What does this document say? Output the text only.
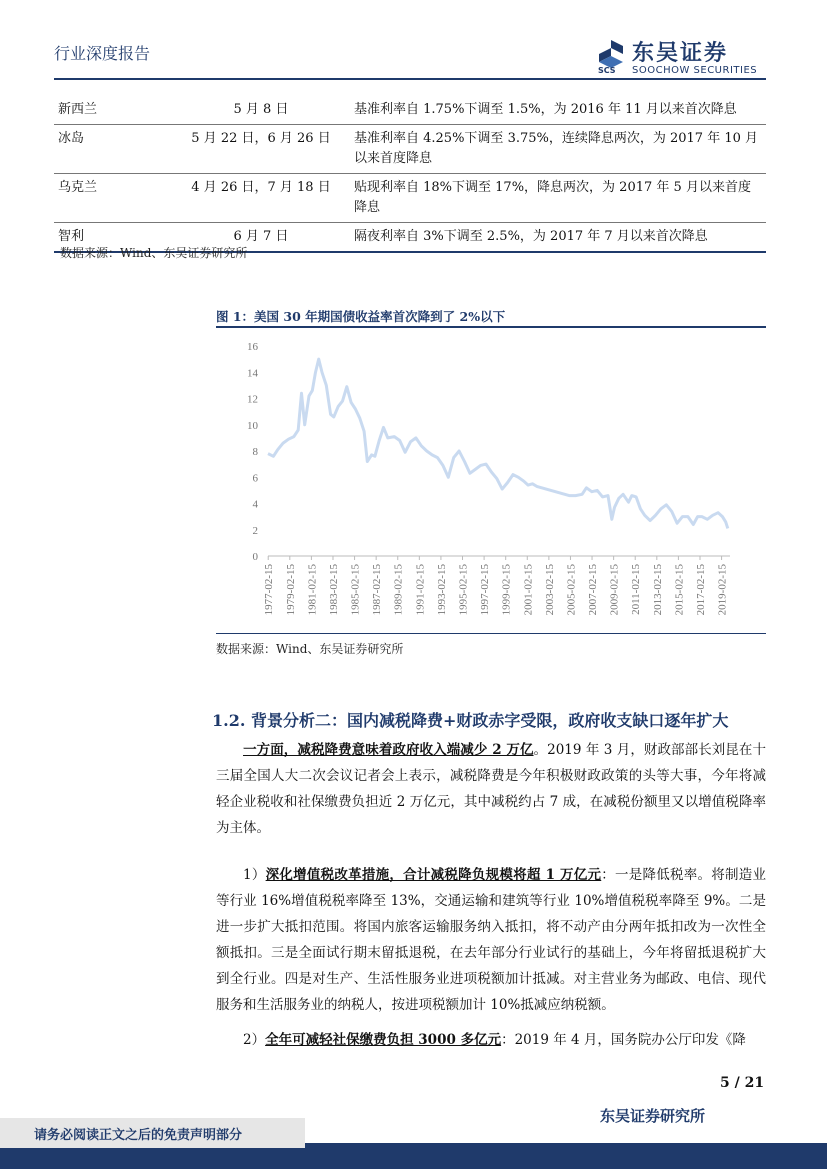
行业深度报告	东吴证券
SCS SOOCHOW SECURITIES
新西兰	5 月 8 日	基准利率自 1.75%下调至 1.5%，为 2016 年 11 月以来首次降息
冰岛	5 月 22 日，6 月 26 日	基准利率自 4.25%下调至 3.75%，连续降息两次，为 2017 年 10 月以来首度降息
乌克兰	4 月 26 日，7 月 18 日	贴现利率自 18%下调至 17%，降息两次，为 2017 年 5 月以来首度降息
智利	6 月 7 日	隔夜利率自 3%下调至 2.5%，为 2017 年 7 月以来首次降息
数据来源：Wind、东吴证券研究所
图 1：美国 30 年期国债收益率首次降到了 2%以下
0
2
4
6
8
10
12
14
16
1977-02-15 1979-02-15 1981-02-15 1983-02-15 1985-02-15 1987-02-15 1989-02-15 1991-02-15 1993-02-15 1995-02-15 1997-02-15 1999-02-15 2001-02-15 2003-02-15 2005-02-15 2007-02-15 2009-02-15 2011-02-15 2013-02-15 2015-02-15 2017-02-15 2019-02-15
数据来源：Wind、东吴证券研究所
1.2. 背景分析二：国内减税降费+财政赤字受限，政府收支缺口逐年扩大
一方面，减税降费意味着政府收入端减少 2 万亿。2019 年 3 月，财政部部长刘昆在十三届全国人大二次会议记者会上表示，减税降费是今年积极财政政策的头等大事，今年将减轻企业税收和社保缴费负担近 2 万亿元，其中减税约占 7 成，在减税份额里又以增值税降率为主体。
1）深化增值税改革措施，合计减税降负规模将超 1 万亿元：一是降低税率。将制造业等行业 16%增值税税率降至 13%，交通运输和建筑等行业 10%增值税税率降至 9%。二是进一步扩大抵扣范围。将国内旅客运输服务纳入抵扣，将不动产由分两年抵扣改为一次性全额抵扣。三是全面试行期末留抵退税，在去年部分行业试行的基础上，今年将留抵退税扩大到全行业。四是对生产、生活性服务业进项税额加计抵减。对主营业务为邮政、电信、现代服务和生活服务业的纳税人，按进项税额加计 10%抵减应纳税额。
2）全年可减轻社保缴费负担 3000 多亿元：2019 年 4 月，国务院办公厅印发《降
5 / 21
东吴证券研究所
请务必阅读正文之后的免责声明部分
